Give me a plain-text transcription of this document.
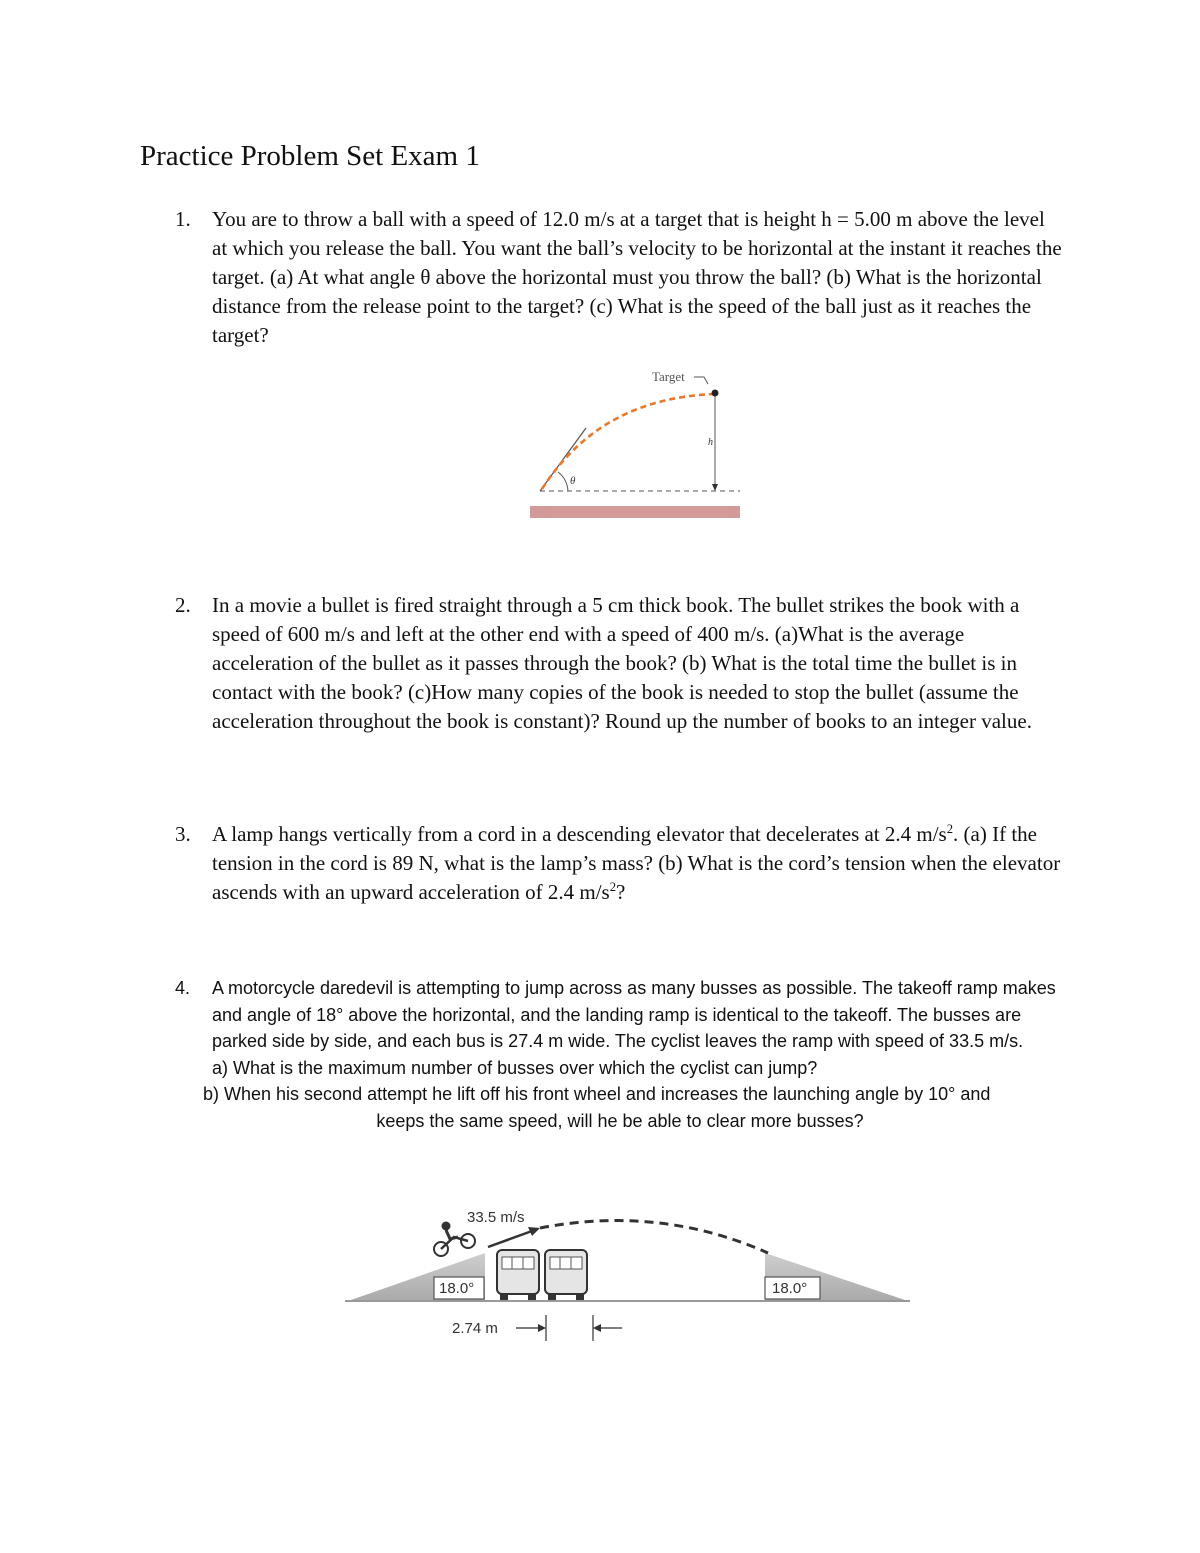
Practice Problem Set Exam 1
1. You are to throw a ball with a speed of 12.0 m/s at a target that is height h = 5.00 m above the level at which you release the ball. You want the ball’s velocity to be horizontal at the instant it reaches the target. (a) At what angle θ above the horizontal must you throw the ball? (b) What is the horizontal distance from the release point to the target? (c) What is the speed of the ball just as it reaches the target?
θ
h
Target
2. In a movie a bullet is fired straight through a 5 cm thick book. The bullet strikes the book with a speed of 600 m/s and left at the other end with a speed of 400 m/s. (a)What is the average acceleration of the bullet as it passes through the book? (b) What is the total time the bullet is in contact with the book? (c)How many copies of the book is needed to stop the bullet (assume the acceleration throughout the book is constant)? Round up the number of books to an integer value.
3. A lamp hangs vertically from a cord in a descending elevator that decelerates at 2.4 $m/s^2$. (a) If the tension in the cord is 89 N, what is the lamp’s mass? (b) What is the cord’s tension when the elevator ascends with an upward acceleration of 2.4 $m/s^2$?
4. A motorcycle daredevil is attempting to jump across as many busses as possible. The takeoff ramp makes and angle of 18° above the horizontal, and the landing ramp is identical to the takeoff. The busses are parked side by side, and each bus is 27.4 m wide. The cyclist leaves the ramp with speed of 33.5 m/s.
a) What is the maximum number of busses over which the cyclist can jump?
b) When his second attempt he lift off his front wheel and increases the launching angle by 10° and
keeps the same speed, will he be able to clear more busses?
33.5 m/s
18.0°	18.0°
2.74 m
